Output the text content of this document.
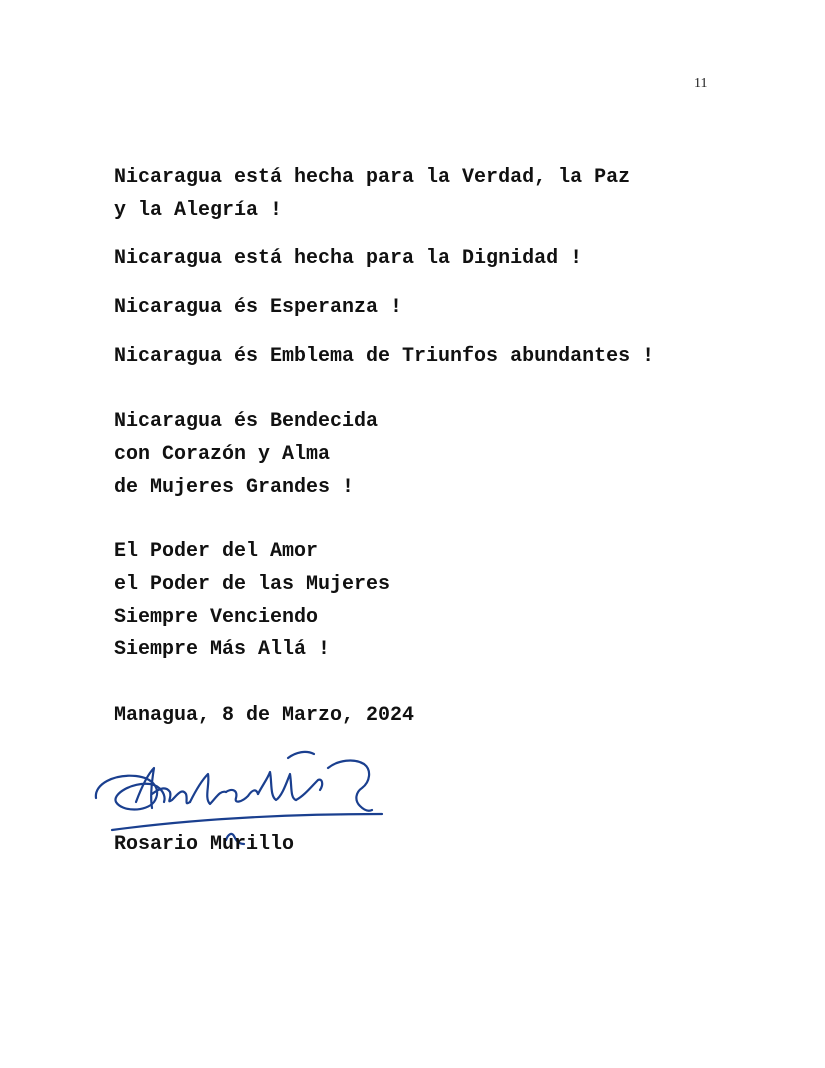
11
Nicaragua está hecha para la Verdad, la Paz
y la Alegría !
Nicaragua está hecha para la Dignidad !
Nicaragua és Esperanza !
Nicaragua és Emblema de Triunfos abundantes !
Nicaragua és Bendecida
con Corazón y Alma
de Mujeres Grandes !
El Poder del Amor
el Poder de las Mujeres
Siempre Venciendo
Siempre Más Allá !
Managua, 8 de Marzo, 2024
Rosario Murillo
